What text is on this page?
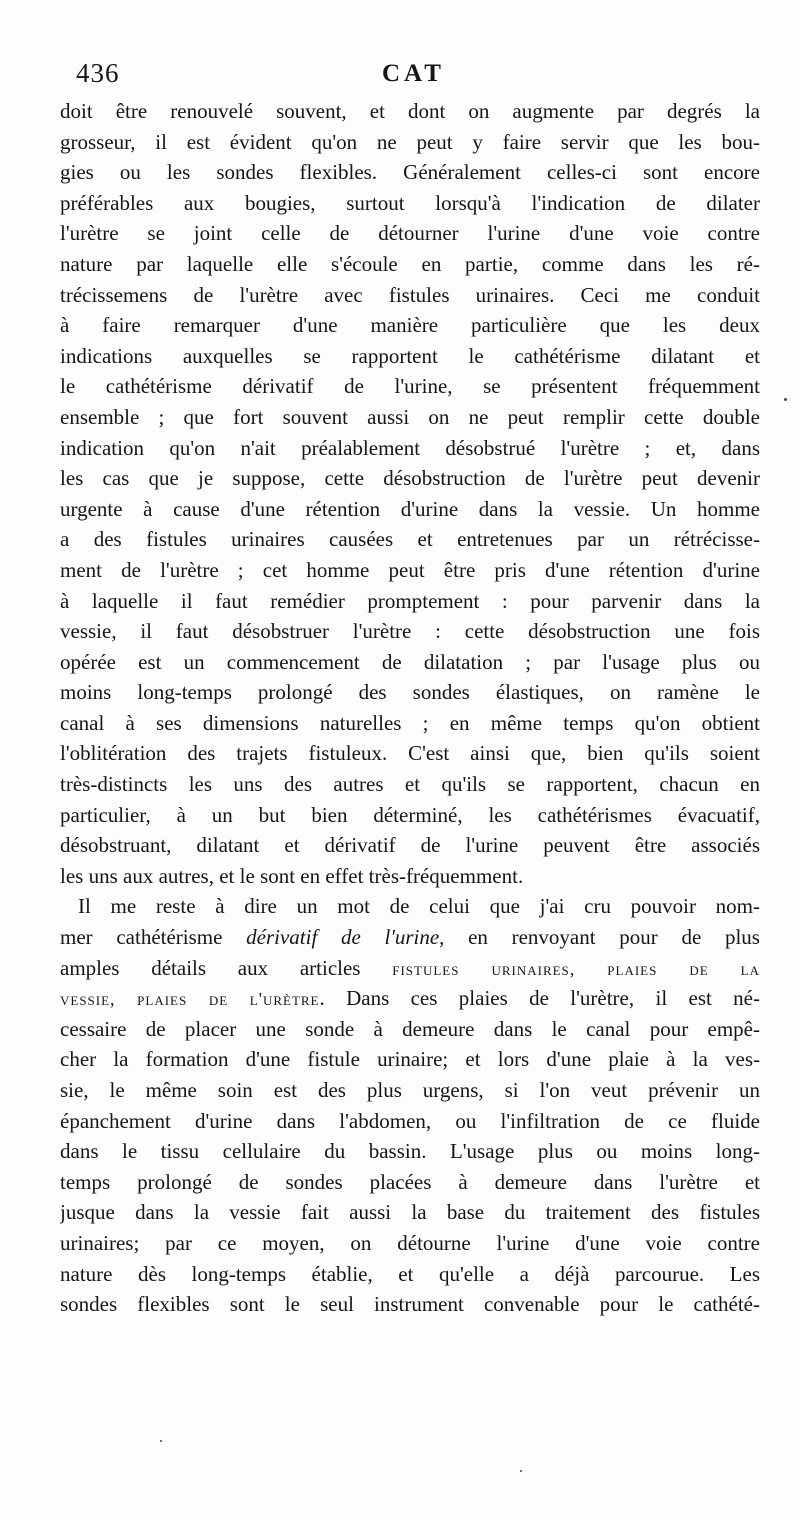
436	CAT
doit être renouvelé souvent, et dont on augmente par degrés la
grosseur, il est évident qu'on ne peut y faire servir que les bou-
gies ou les sondes flexibles. Généralement celles-ci sont encore
préférables aux bougies, surtout lorsqu'à l'indication de dilater
l'urètre se joint celle de détourner l'urine d'une voie contre
nature par laquelle elle s'écoule en partie, comme dans les ré-
trécissemens de l'urètre avec fistules urinaires. Ceci me conduit
à faire remarquer d'une manière particulière que les deux
indications auxquelles se rapportent le cathétérisme dilatant et
le cathétérisme dérivatif de l'urine, se présentent fréquemment
ensemble ; que fort souvent aussi on ne peut remplir cette double
indication qu'on n'ait préalablement désobstrué l'urètre ; et, dans
les cas que je suppose, cette désobstruction de l'urètre peut devenir
urgente à cause d'une rétention d'urine dans la vessie. Un homme
a des fistules urinaires causées et entretenues par un rétrécisse-
ment de l'urètre ; cet homme peut être pris d'une rétention d'urine
à laquelle il faut remédier promptement : pour parvenir dans la
vessie, il faut désobstruer l'urètre : cette désobstruction une fois
opérée est un commencement de dilatation ; par l'usage plus ou
moins long-temps prolongé des sondes élastiques, on ramène le
canal à ses dimensions naturelles ; en même temps qu'on obtient
l'oblitération des trajets fistuleux. C'est ainsi que, bien qu'ils soient
très-distincts les uns des autres et qu'ils se rapportent, chacun en
particulier, à un but bien déterminé, les cathétérismes évacuatif,
désobstruant, dilatant et dérivatif de l'urine peuvent être associés
les uns aux autres, et le sont en effet très-fréquemment.
Il me reste à dire un mot de celui que j'ai cru pouvoir nom-
mer cathétérisme dérivatif de l'urine, en renvoyant pour de plus
amples détails aux articles fistules urinaires, plaies de la
vessie, plaies de l'urètre. Dans ces plaies de l'urètre, il est né-
cessaire de placer une sonde à demeure dans le canal pour empê-
cher la formation d'une fistule urinaire; et lors d'une plaie à la ves-
sie, le même soin est des plus urgens, si l'on veut prévenir un
épanchement d'urine dans l'abdomen, ou l'infiltration de ce fluide
dans le tissu cellulaire du bassin. L'usage plus ou moins long-
temps prolongé de sondes placées à demeure dans l'urètre et
jusque dans la vessie fait aussi la base du traitement des fistules
urinaires; par ce moyen, on détourne l'urine d'une voie contre
nature dès long-temps établie, et qu'elle a déjà parcourue. Les
sondes flexibles sont le seul instrument convenable pour le cathété-
